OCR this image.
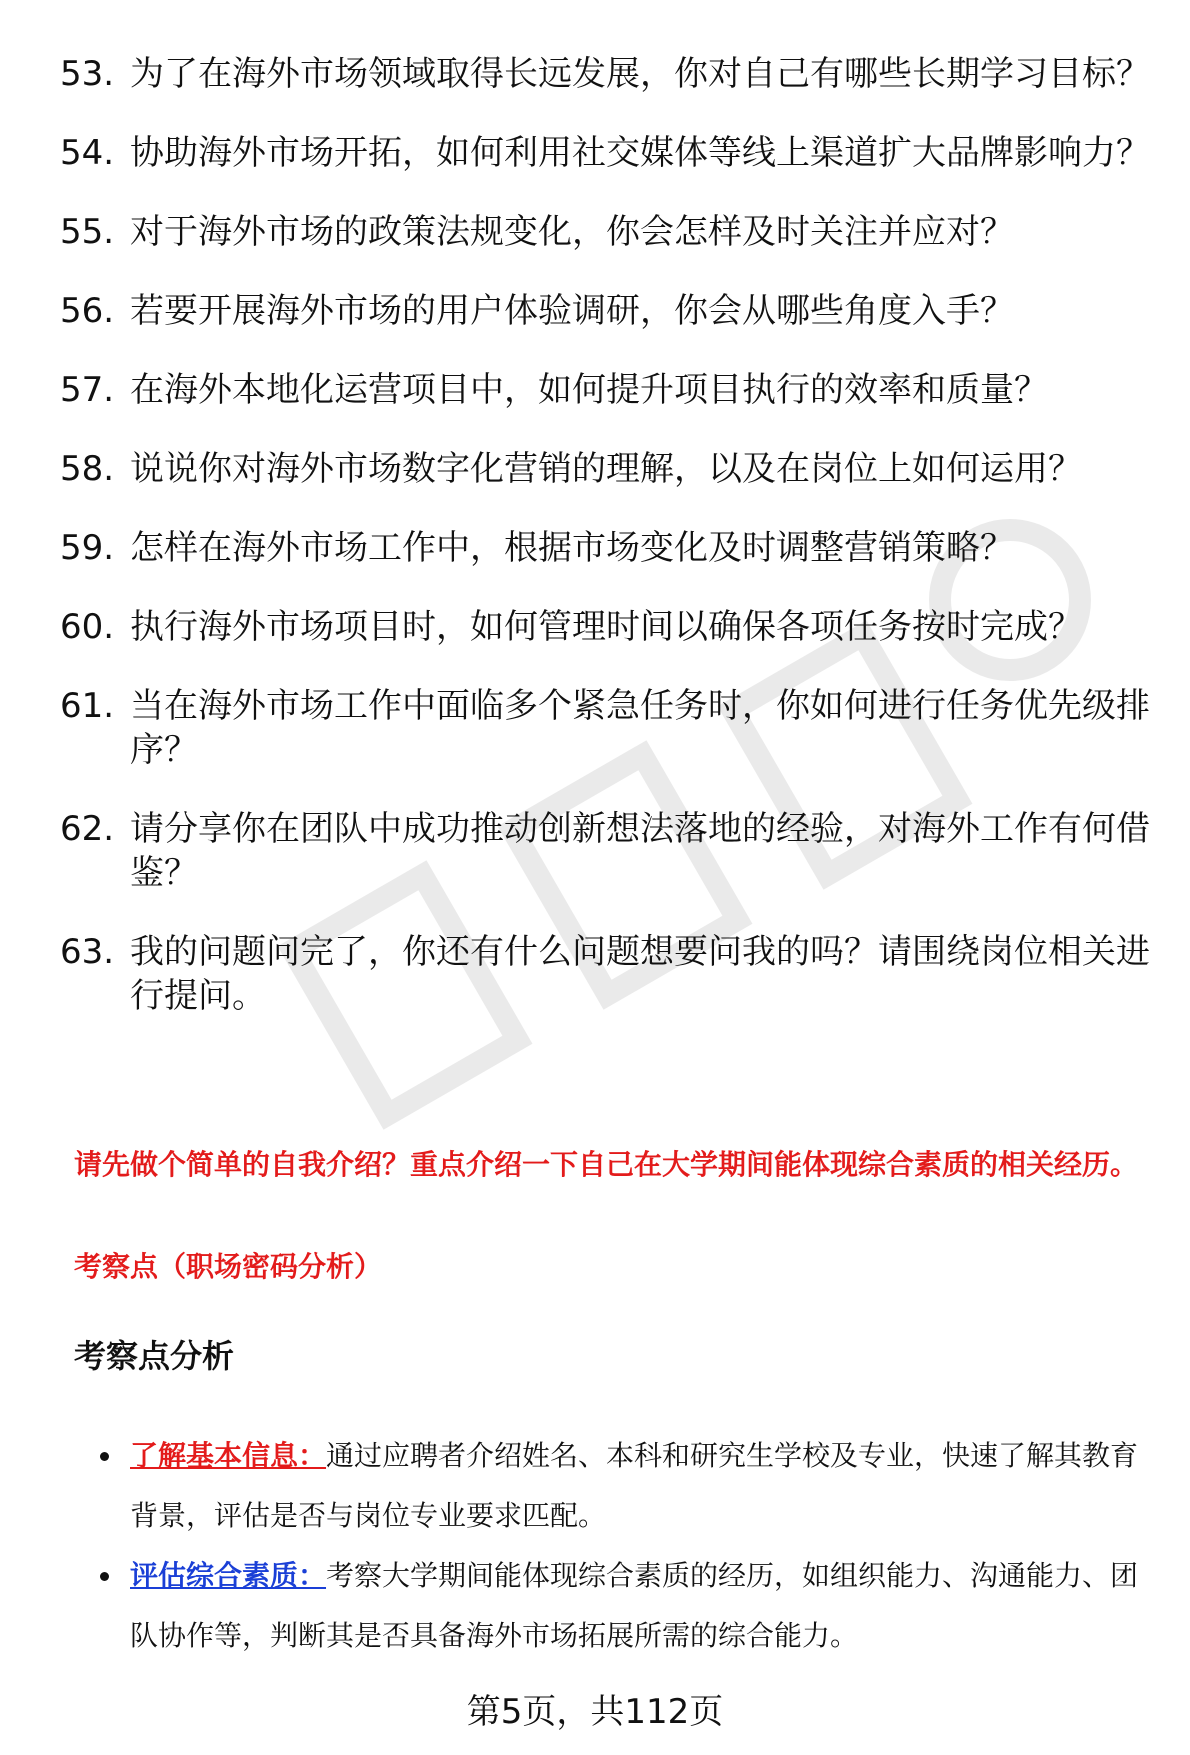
53. 为了在海外市场领域取得长远发展，你对自己有哪些长期学习目标？
54. 协助海外市场开拓，如何利用社交媒体等线上渠道扩大品牌影响力？
55. 对于海外市场的政策法规变化，你会怎样及时关注并应对？
56. 若要开展海外市场的用户体验调研，你会从哪些角度入手？
57. 在海外本地化运营项目中，如何提升项目执行的效率和质量？
58. 说说你对海外市场数字化营销的理解，以及在岗位上如何运用？
59. 怎样在海外市场工作中，根据市场变化及时调整营销策略？
60. 执行海外市场项目时，如何管理时间以确保各项任务按时完成？
61. 当在海外市场工作中面临多个紧急任务时，你如何进行任务优先级排序？
62. 请分享你在团队中成功推动创新想法落地的经验，对海外工作有何借鉴？
63. 我的问题问完了，你还有什么问题想要问我的吗？请围绕岗位相关进行提问。

请先做个简单的自我介绍？重点介绍一下自己在大学期间能体现综合素质的相关经历。

考察点（职场密码分析）

考察点分析
了解基本信息：通过应聘者介绍姓名、本科和研究生学校及专业，快速了解其教育背景，评估是否与岗位专业要求匹配。
评估综合素质：考察大学期间能体现综合素质的经历，如组织能力、沟通能力、团队协作等，判断其是否具备海外市场拓展所需的综合能力。
第5页，共112页
